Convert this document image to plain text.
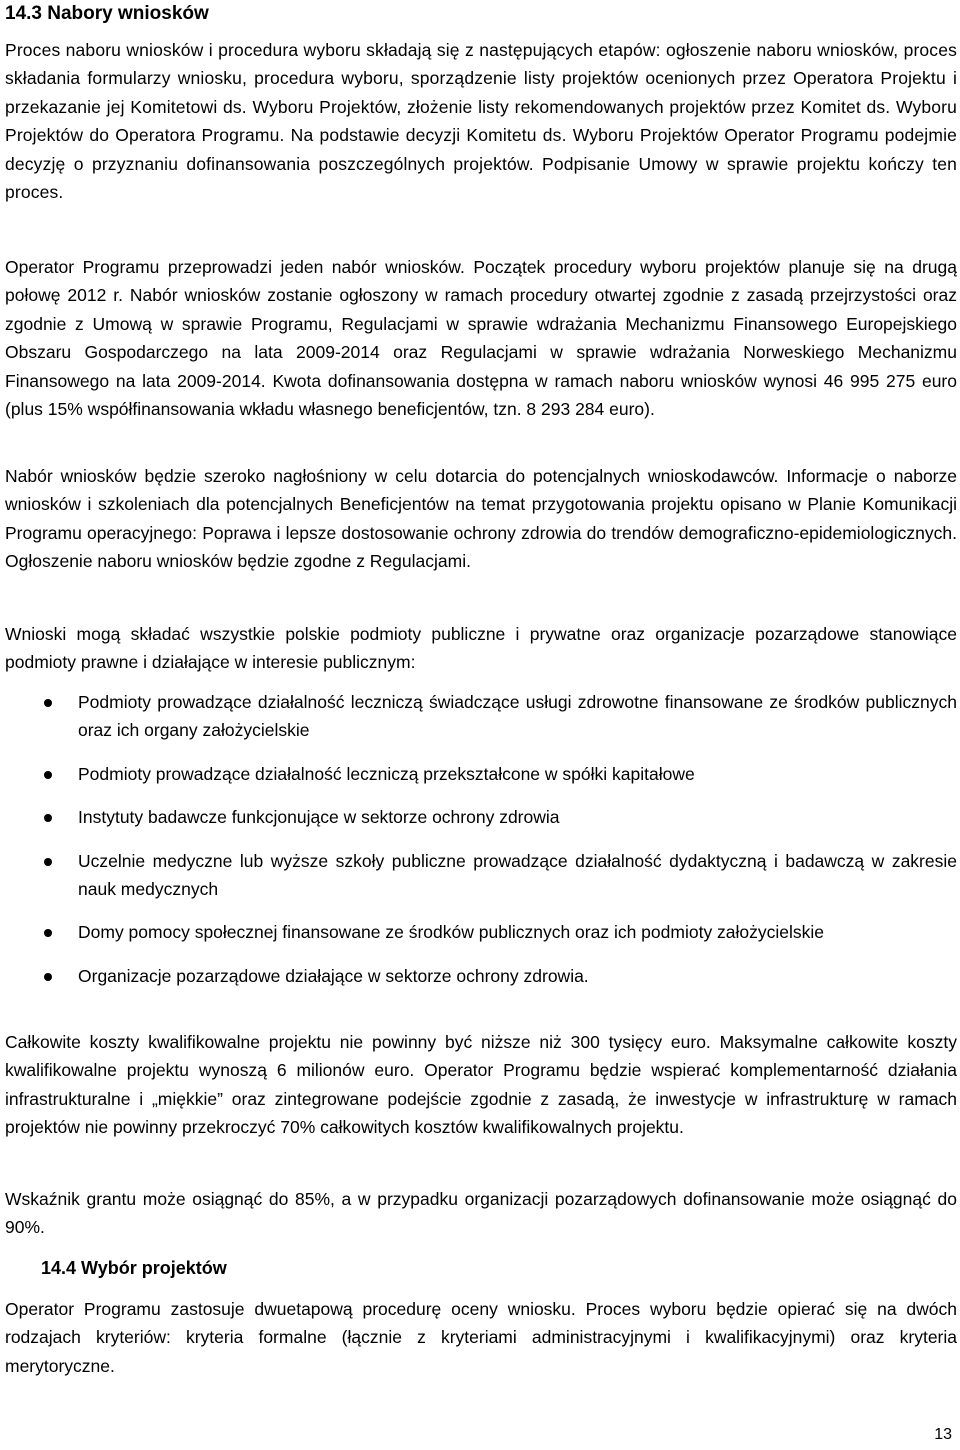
14.3 Nabory wniosków

Proces naboru wniosków i procedura wyboru składają się z następujących etapów: ogłoszenie naboru wniosków, proces składania formularzy wniosku, procedura wyboru, sporządzenie listy projektów ocenionych przez Operatora Projektu i przekazanie jej Komitetowi ds. Wyboru Projektów, złożenie listy rekomendowanych projektów przez Komitet ds. Wyboru Projektów do Operatora Programu. Na podstawie decyzji Komitetu ds. Wyboru Projektów Operator Programu podejmie decyzję o przyznaniu dofinansowania poszczególnych projektów. Podpisanie Umowy w sprawie projektu kończy ten proces.

Operator Programu przeprowadzi jeden nabór wniosków. Początek procedury wyboru projektów planuje się na drugą połowę 2012 r. Nabór wniosków zostanie ogłoszony w ramach procedury otwartej zgodnie z zasadą przejrzystości oraz zgodnie z Umową w sprawie Programu, Regulacjami w sprawie wdrażania Mechanizmu Finansowego Europejskiego Obszaru Gospodarczego na lata 2009-2014 oraz Regulacjami w sprawie wdrażania Norweskiego Mechanizmu Finansowego na lata 2009-2014. Kwota dofinansowania dostępna w ramach naboru wniosków wynosi 46 995 275 euro (plus 15% współfinansowania wkładu własnego beneficjentów, tzn. 8 293 284 euro).

Nabór wniosków będzie szeroko nagłośniony w celu dotarcia do potencjalnych wnioskodawców. Informacje o naborze wniosków i szkoleniach dla potencjalnych Beneficjentów na temat przygotowania projektu opisano w Planie Komunikacji Programu operacyjnego: Poprawa i lepsze dostosowanie ochrony zdrowia do trendów demograficzno-epidemiologicznych. Ogłoszenie naboru wniosków będzie zgodne z Regulacjami.

Wnioski mogą składać wszystkie polskie podmioty publiczne i prywatne oraz organizacje pozarządowe stanowiące podmioty prawne i działające w interesie publicznym:

Podmioty prowadzące działalność leczniczą świadczące usługi zdrowotne finansowane ze środków publicznych oraz ich organy założycielskie
Podmioty prowadzące działalność leczniczą przekształcone w spółki kapitałowe
Instytuty badawcze funkcjonujące w sektorze ochrony zdrowia
Uczelnie medyczne lub wyższe szkoły publiczne prowadzące działalność dydaktyczną i badawczą w zakresie nauk medycznych
Domy pomocy społecznej finansowane ze środków publicznych oraz ich podmioty założycielskie
Organizacje pozarządowe działające w sektorze ochrony zdrowia.

Całkowite koszty kwalifikowalne projektu nie powinny być niższe niż 300 tysięcy euro. Maksymalne całkowite koszty kwalifikowalne projektu wynoszą 6 milionów euro. Operator Programu będzie wspierać komplementarność działania infrastrukturalne i „miękkie” oraz zintegrowane podejście zgodnie z zasadą, że inwestycje w infrastrukturę w ramach projektów nie powinny przekroczyć 70% całkowitych kosztów kwalifikowalnych projektu.

Wskaźnik grantu może osiągnąć do 85%, a w przypadku organizacji pozarządowych dofinansowanie może osiągnąć do 90%.

14.4 Wybór projektów

Operator Programu zastosuje dwuetapową procedurę oceny wniosku. Proces wyboru będzie opierać się na dwóch rodzajach kryteriów: kryteria formalne (łącznie z kryteriami administracyjnymi i kwalifikacyjnymi) oraz kryteria merytoryczne.

13
